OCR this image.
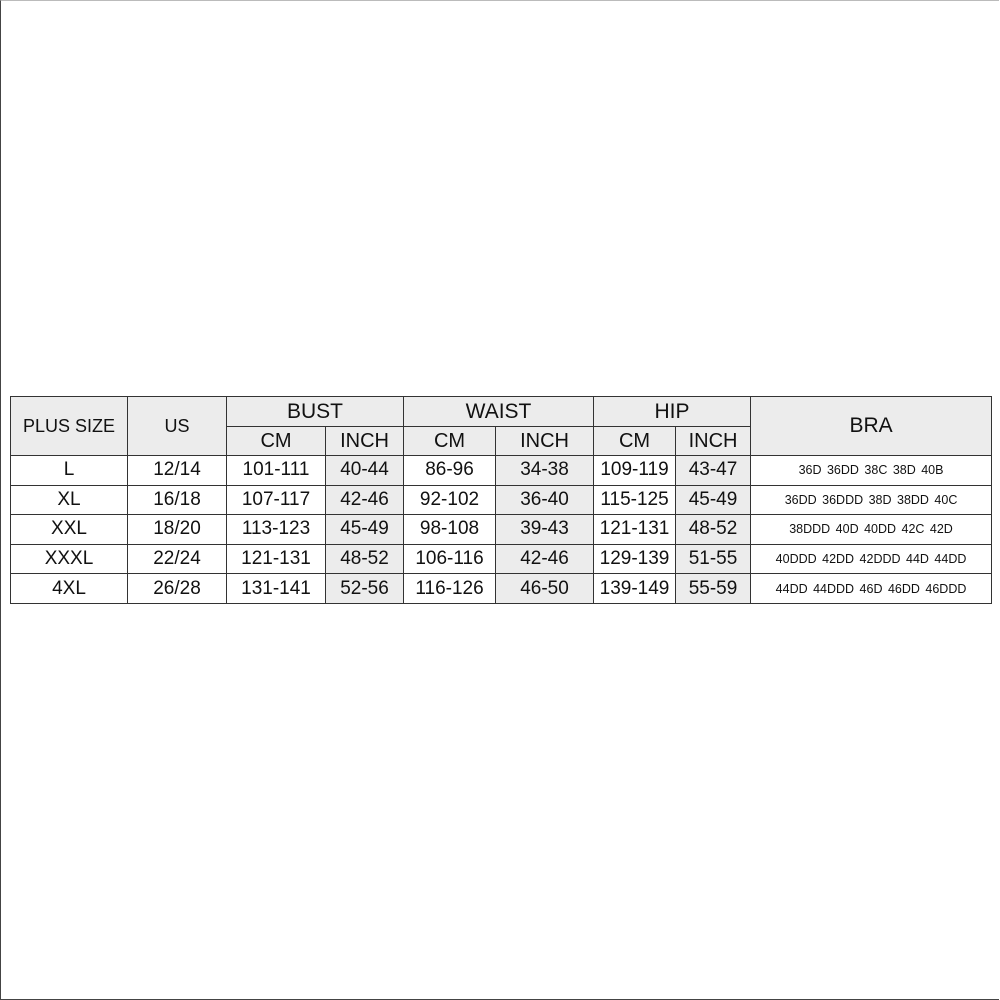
PLUS SIZE	US	BUST		WAIST		HIP		BRA
		CM	INCH	CM	INCH	CM	INCH	
L	12/14	101-111	40-44	86-96	34-38	109-119	43-47	36D 36DD 38C 38D 40B
XL	16/18	107-117	42-46	92-102	36-40	115-125	45-49	36DD 36DDD 38D 38DD 40C
XXL	18/20	113-123	45-49	98-108	39-43	121-131	48-52	38DDD 40D 40DD 42C 42D
XXXL	22/24	121-131	48-52	106-116	42-46	129-139	51-55	40DDD 42DD 42DDD 44D 44DD
4XL	26/28	131-141	52-56	116-126	46-50	139-149	55-59	44DD 44DDD 46D 46DD 46DDD
